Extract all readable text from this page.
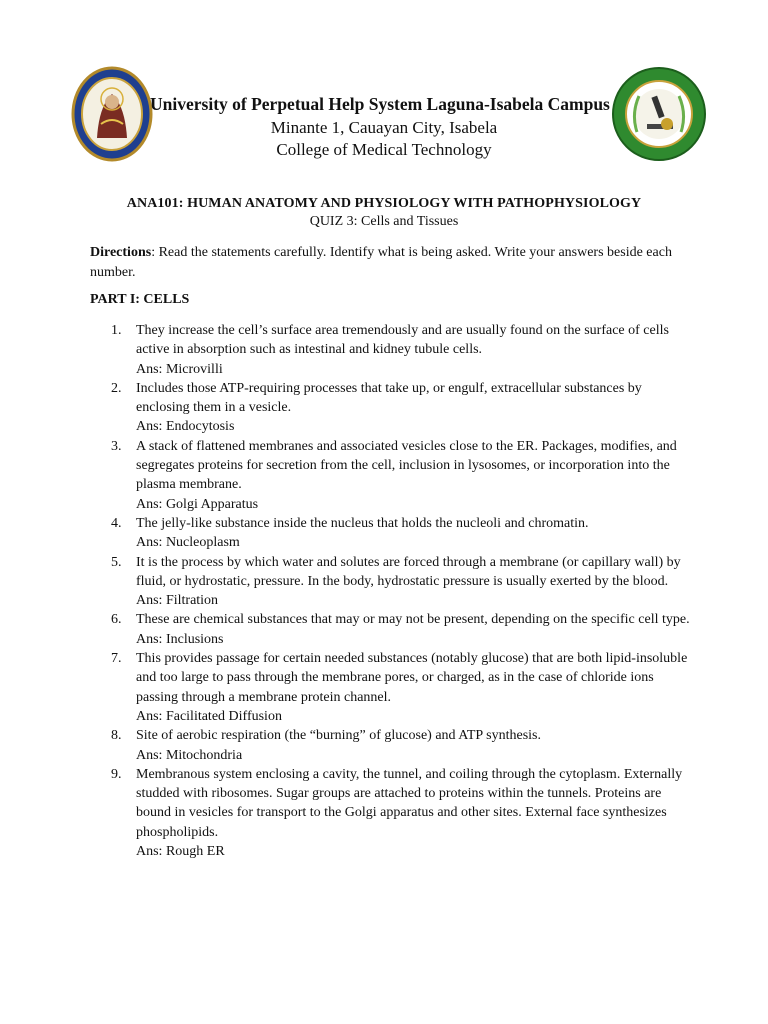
University of Perpetual Help System Laguna-Isabela Campus
Minante 1, Cauayan City, Isabela
College of Medical Technology
ANA101: HUMAN ANATOMY AND PHYSIOLOGY WITH PATHOPHYSIOLOGY
QUIZ 3: Cells and Tissues
Directions: Read the statements carefully. Identify what is being asked. Write your answers beside each number.
PART I: CELLS
1. They increase the cell’s surface area tremendously and are usually found on the surface of cells active in absorption such as intestinal and kidney tubule cells.
Ans: Microvilli
2. Includes those ATP-requiring processes that take up, or engulf, extracellular substances by enclosing them in a vesicle.
Ans: Endocytosis
3. A stack of flattened membranes and associated vesicles close to the ER. Packages, modifies, and segregates proteins for secretion from the cell, inclusion in lysosomes, or incorporation into the plasma membrane.
Ans: Golgi Apparatus
4. The jelly-like substance inside the nucleus that holds the nucleoli and chromatin.
Ans: Nucleoplasm
5. It is the process by which water and solutes are forced through a membrane (or capillary wall) by fluid, or hydrostatic, pressure. In the body, hydrostatic pressure is usually exerted by the blood.
Ans: Filtration
6. These are chemical substances that may or may not be present, depending on the specific cell type.
Ans: Inclusions
7. This provides passage for certain needed substances (notably glucose) that are both lipid-insoluble and too large to pass through the membrane pores, or charged, as in the case of chloride ions passing through a membrane protein channel.
Ans: Facilitated Diffusion
8. Site of aerobic respiration (the “burning” of glucose) and ATP synthesis.
Ans: Mitochondria
9. Membranous system enclosing a cavity, the tunnel, and coiling through the cytoplasm. Externally studded with ribosomes. Sugar groups are attached to proteins within the tunnels. Proteins are bound in vesicles for transport to the Golgi apparatus and other sites. External face synthesizes phospholipids.
Ans: Rough ER
